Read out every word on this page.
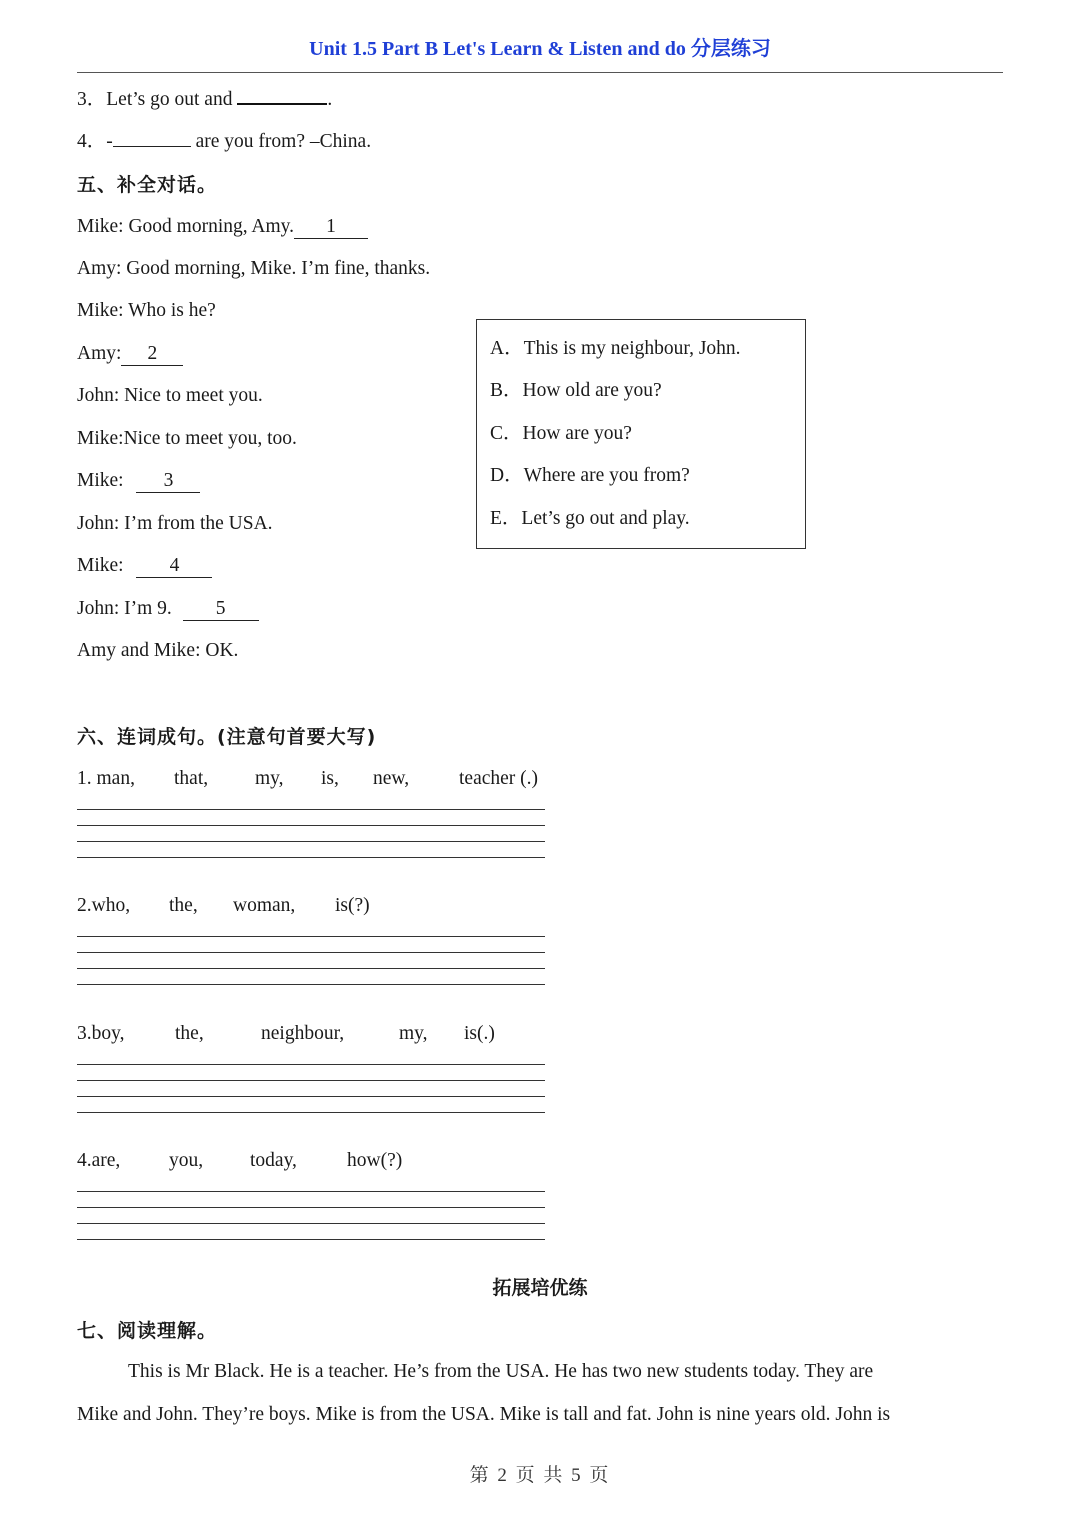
Unit 1.5 Part B Let's Learn & Listen and do 分层练习
3．Let’s go out and	.
4．-	are you from? –China.
五、补全对话。
Mike: Good morning, Amy. 1
Amy: Good morning, Mike. I’m fine, thanks.
Mike: Who is he?
Amy: 2
John: Nice to meet you.
Mike:Nice to meet you, too.
Mike: 3
John: I’m from the USA.
Mike: 4
John: I’m 9. 5
Amy and Mike: OK.
A．This is my neighbour, John.
B．How old are you?
C．How are you?
D．Where are you from?
E．Let’s go out and play.
六、连词成句。(注意句首要大写)
1. man, that, my, is, new,	teacher (.)
2.who, the, woman, is(?)
3.boy,	the,	neighbour,	my, is(.)
4.are, you, today,	how(?)
拓展培优练
七、阅读理解。
This is Mr Black. He is a teacher. He’s from the USA. He has two new students today. They are
Mike and John. They’re boys. Mike is from the USA. Mike is tall and fat. John is nine years old. John is
第 2 页 共 5 页
